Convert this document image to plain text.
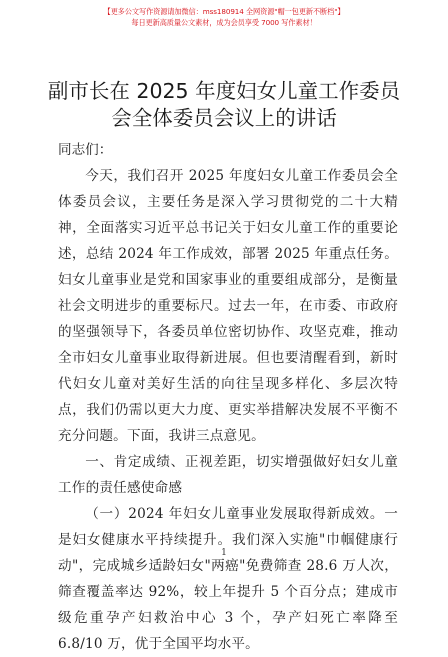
【更多公文写作资源请加微信：mss180914 全网资源"帽一包更新不断档"】
每日更新高质量公文素材，成为会员享受 7000 写作素材！
副市长在 2025 年度妇女儿童工作委员会全体委员会议上的讲话

同志们：

今天，我们召开 2025 年度妇女儿童工作委员会全体委员会议，主要任务是深入学习贯彻党的二十大精神，全面落实习近平总书记关于妇女儿童工作的重要论述，总结 2024 年工作成效，部署 2025 年重点任务。妇女儿童事业是党和国家事业的重要组成部分，是衡量社会文明进步的重要标尺。过去一年，在市委、市政府的坚强领导下，各委员单位密切协作、攻坚克难，推动全市妇女儿童事业取得新进展。但也要清醒看到，新时代妇女儿童对美好生活的向往呈现多样化、多层次特点，我们仍需以更大力度、更实举措解决发展不平衡不充分问题。下面，我讲三点意见。

一、肯定成绩、正视差距，切实增强做好妇女儿童工作的责任感使命感

（一）2024 年妇女儿童事业发展取得新成效。一是妇女健康水平持续提升。我们深入实施"巾帼健康行动"，完成城乡适龄妇女"两癌"免费筛查 28.6 万人次，筛查覆盖率达 92%，较上年提升 5 个百分点；建成市级危重孕产妇救治中心 3 个，孕产妇死亡率降至 6.8/10 万，优于全国平均水平。

1
